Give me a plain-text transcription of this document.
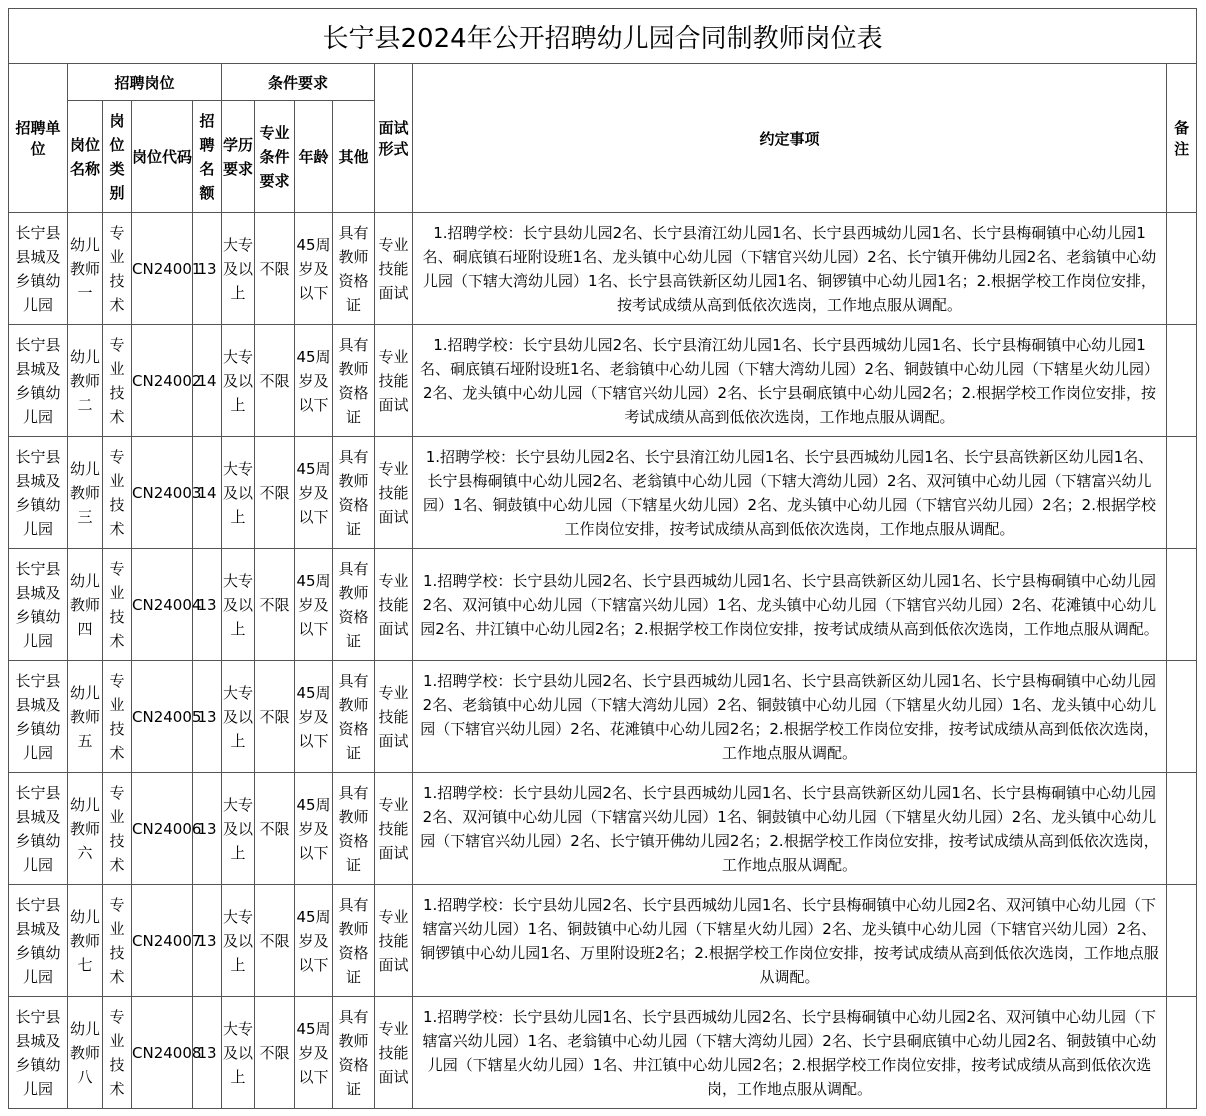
长宁县2024年公开招聘幼儿园合同制教师岗位表											
招聘单位	招聘岗位				条件要求				面试形式	约定事项	备注
	岗位名称	岗位类别	岗位代码	招聘名额	学历要求	专业条件要求	年龄	其他			
长宁县县城及乡镇幼儿园	幼儿教师一	专业技术	CN24001	13	大专及以上	不限	45周岁及以下	具有教师资格证	专业技能面试	1.招聘学校：长宁县幼儿园2名、长宁县淯江幼儿园1名、长宁县西城幼儿园1名、长宁县梅硐镇中心幼儿园1名、硐底镇石垭附设班1名、龙头镇中心幼儿园（下辖官兴幼儿园）2名、长宁镇开佛幼儿园2名、老翁镇中心幼儿园（下辖大湾幼儿园）1名、长宁县高铁新区幼儿园1名、铜锣镇中心幼儿园1名；2.根据学校工作岗位安排，按考试成绩从高到低依次选岗，工作地点服从调配。	
长宁县县城及乡镇幼儿园	幼儿教师二	专业技术	CN24002	14	大专及以上	不限	45周岁及以下	具有教师资格证	专业技能面试	1.招聘学校：长宁县幼儿园2名、长宁县淯江幼儿园1名、长宁县西城幼儿园1名、长宁县梅硐镇中心幼儿园1名、硐底镇石垭附设班1名、老翁镇中心幼儿园（下辖大湾幼儿园）2名、铜鼓镇中心幼儿园（下辖星火幼儿园）2名、龙头镇中心幼儿园（下辖官兴幼儿园）2名、长宁县硐底镇中心幼儿园2名；2.根据学校工作岗位安排，按考试成绩从高到低依次选岗，工作地点服从调配。	
长宁县县城及乡镇幼儿园	幼儿教师三	专业技术	CN24003	14	大专及以上	不限	45周岁及以下	具有教师资格证	专业技能面试	1.招聘学校：长宁县幼儿园2名、长宁县淯江幼儿园1名、长宁县西城幼儿园1名、长宁县高铁新区幼儿园1名、长宁县梅硐镇中心幼儿园2名、老翁镇中心幼儿园（下辖大湾幼儿园）2名、双河镇中心幼儿园（下辖富兴幼儿园）1名、铜鼓镇中心幼儿园（下辖星火幼儿园）2名、龙头镇中心幼儿园（下辖官兴幼儿园）2名；2.根据学校工作岗位安排，按考试成绩从高到低依次选岗，工作地点服从调配。	
长宁县县城及乡镇幼儿园	幼儿教师四	专业技术	CN24004	13	大专及以上	不限	45周岁及以下	具有教师资格证	专业技能面试	1.招聘学校：长宁县幼儿园2名、长宁县西城幼儿园1名、长宁县高铁新区幼儿园1名、长宁县梅硐镇中心幼儿园2名、双河镇中心幼儿园（下辖富兴幼儿园）1名、龙头镇中心幼儿园（下辖官兴幼儿园）2名、花滩镇中心幼儿园2名、井江镇中心幼儿园2名；2.根据学校工作岗位安排，按考试成绩从高到低依次选岗，工作地点服从调配。	
长宁县县城及乡镇幼儿园	幼儿教师五	专业技术	CN24005	13	大专及以上	不限	45周岁及以下	具有教师资格证	专业技能面试	1.招聘学校：长宁县幼儿园2名、长宁县西城幼儿园1名、长宁县高铁新区幼儿园1名、长宁县梅硐镇中心幼儿园2名、老翁镇中心幼儿园（下辖大湾幼儿园）2名、铜鼓镇中心幼儿园（下辖星火幼儿园）1名、龙头镇中心幼儿园（下辖官兴幼儿园）2名、花滩镇中心幼儿园2名；2.根据学校工作岗位安排，按考试成绩从高到低依次选岗，工作地点服从调配。	
长宁县县城及乡镇幼儿园	幼儿教师六	专业技术	CN24006	13	大专及以上	不限	45周岁及以下	具有教师资格证	专业技能面试	1.招聘学校：长宁县幼儿园2名、长宁县西城幼儿园1名、长宁县高铁新区幼儿园1名、长宁县梅硐镇中心幼儿园2名、双河镇中心幼儿园（下辖富兴幼儿园）1名、铜鼓镇中心幼儿园（下辖星火幼儿园）2名、龙头镇中心幼儿园（下辖官兴幼儿园）2名、长宁镇开佛幼儿园2名；2.根据学校工作岗位安排，按考试成绩从高到低依次选岗，工作地点服从调配。	
长宁县县城及乡镇幼儿园	幼儿教师七	专业技术	CN24007	13	大专及以上	不限	45周岁及以下	具有教师资格证	专业技能面试	1.招聘学校：长宁县幼儿园2名、长宁县西城幼儿园1名、长宁县梅硐镇中心幼儿园2名、双河镇中心幼儿园（下辖富兴幼儿园）1名、铜鼓镇中心幼儿园（下辖星火幼儿园）2名、龙头镇中心幼儿园（下辖官兴幼儿园）2名、铜锣镇中心幼儿园1名、万里附设班2名；2.根据学校工作岗位安排，按考试成绩从高到低依次选岗，工作地点服从调配。	
长宁县县城及乡镇幼儿园	幼儿教师八	专业技术	CN24008	13	大专及以上	不限	45周岁及以下	具有教师资格证	专业技能面试	1.招聘学校：长宁县幼儿园1名、长宁县西城幼儿园2名、长宁县梅硐镇中心幼儿园2名、双河镇中心幼儿园（下辖富兴幼儿园）1名、老翁镇中心幼儿园（下辖大湾幼儿园）2名、长宁县硐底镇中心幼儿园2名、铜鼓镇中心幼儿园（下辖星火幼儿园）1名、井江镇中心幼儿园2名；2.根据学校工作岗位安排，按考试成绩从高到低依次选岗，工作地点服从调配。	
